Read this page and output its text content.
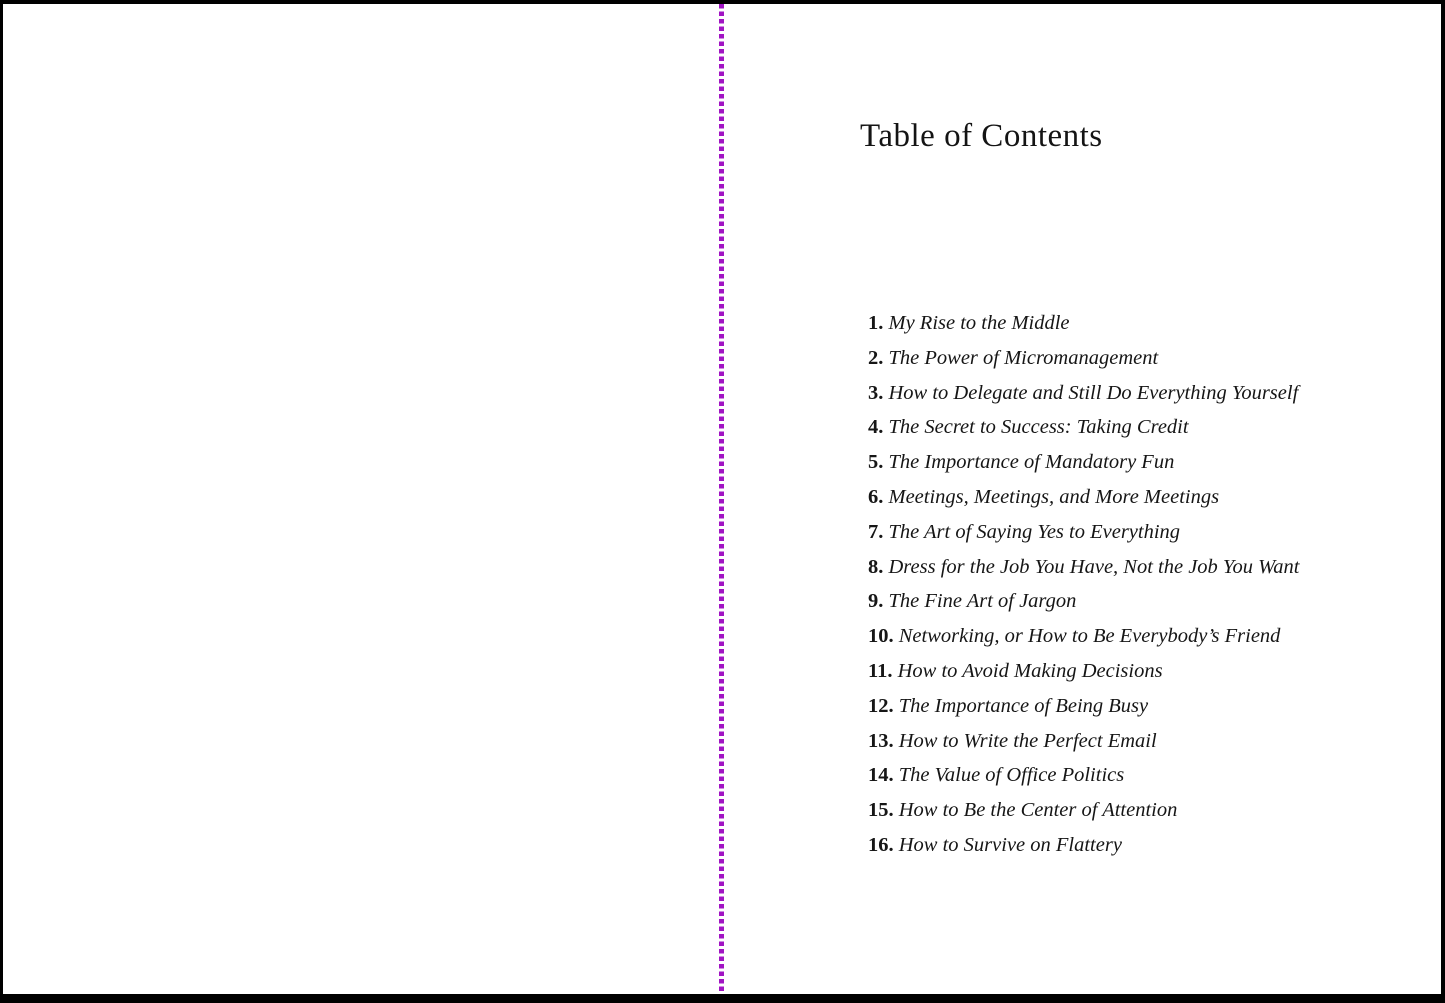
Table of Contents
1. My Rise to the Middle
2. The Power of Micromanagement
3. How to Delegate and Still Do Everything Yourself
4. The Secret to Success: Taking Credit
5. The Importance of Mandatory Fun
6. Meetings, Meetings, and More Meetings
7. The Art of Saying Yes to Everything
8. Dress for the Job You Have, Not the Job You Want
9. The Fine Art of Jargon
10. Networking, or How to Be Everybody’s Friend
11. How to Avoid Making Decisions
12. The Importance of Being Busy
13. How to Write the Perfect Email
14. The Value of Office Politics
15. How to Be the Center of Attention
16. How to Survive on Flattery
